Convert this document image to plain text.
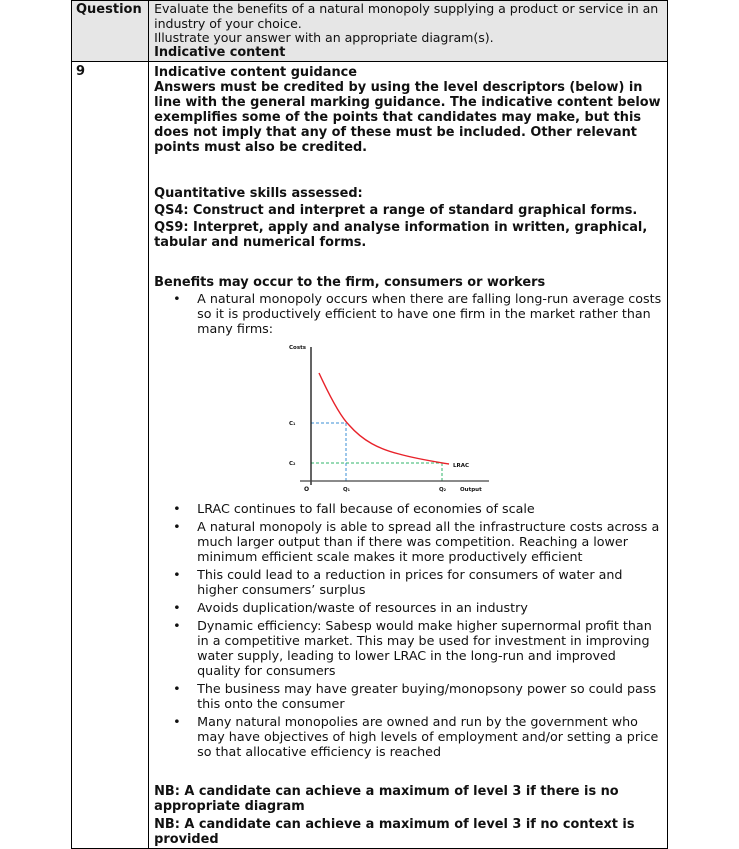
Question	Evaluate the benefits of a natural monopoly supplying a product or service in an industry of your choice.
Illustrate your answer with an appropriate diagram(s).
Indicative content

9	Indicative content guidance
Answers must be credited by using the level descriptors (below) in line with the general marking guidance. The indicative content below exemplifies some of the points that candidates may make, but this does not imply that any of these must be included. Other relevant points must also be credited.
Quantitative skills assessed:
QS4: Construct and interpret a range of standard graphical forms.
QS9: Interpret, apply and analyse information in written, graphical, tabular and numerical forms.
Benefits may occur to the firm, consumers or workers
• A natural monopoly occurs when there are falling long-run average costs so it is productively efficient to have one firm in the market rather than many firms:
Costs
C₁
C₂
O	Q₁	Q₂
LRAC
Output
• LRAC continues to fall because of economies of scale
• A natural monopoly is able to spread all the infrastructure costs across a much larger output than if there was competition. Reaching a lower minimum efficient scale makes it more productively efficient
• This could lead to a reduction in prices for consumers of water and higher consumers’ surplus
• Avoids duplication/waste of resources in an industry
• Dynamic efficiency: Sabesp would make higher supernormal profit than in a competitive market. This may be used for investment in improving water supply, leading to lower LRAC in the long-run and improved quality for consumers
• The business may have greater buying/monopsony power so could pass this onto the consumer
• Many natural monopolies are owned and run by the government who may have objectives of high levels of employment and/or setting a price so that allocative efficiency is reached
NB: A candidate can achieve a maximum of level 3 if there is no appropriate diagram
NB: A candidate can achieve a maximum of level 3 if no context is provided
